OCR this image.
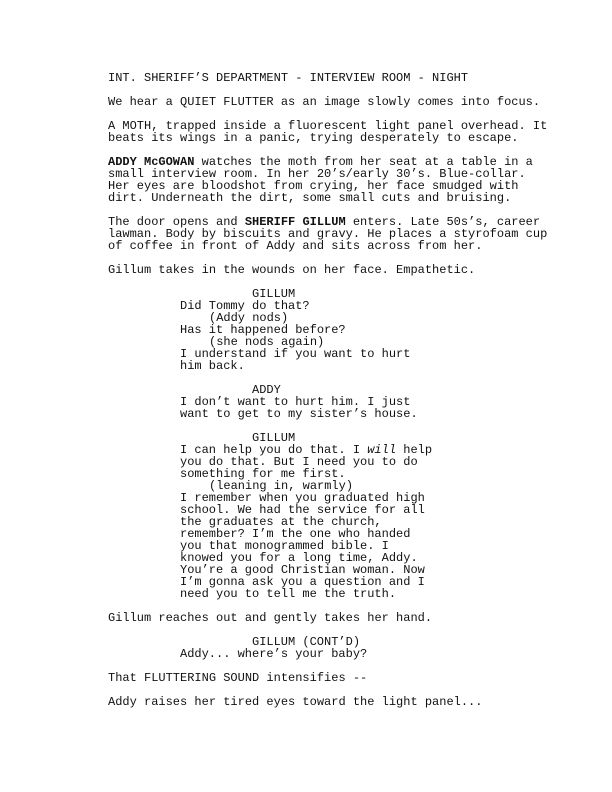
INT. SHERIFF’S DEPARTMENT - INTERVIEW ROOM - NIGHT
We hear a QUIET FLUTTER as an image slowly comes into focus.
A MOTH, trapped inside a fluorescent light panel overhead. It
beats its wings in a panic, trying desperately to escape.
ADDY McGOWAN watches the moth from her seat at a table in a
small interview room. In her 20’s/early 30’s. Blue-collar.
Her eyes are bloodshot from crying, her face smudged with
dirt. Underneath the dirt, some small cuts and bruising.
The door opens and SHERIFF GILLUM enters. Late 50s’s, career
lawman. Body by biscuits and gravy. He places a styrofoam cup
of coffee in front of Addy and sits across from her.
Gillum takes in the wounds on her face. Empathetic.
GILLUM
Did Tommy do that?
(Addy nods)
Has it happened before?
(she nods again)
I understand if you want to hurt
him back.
ADDY
I don’t want to hurt him. I just
want to get to my sister’s house.
GILLUM
I can help you do that. I will help
you do that. But I need you to do
something for me first.
(leaning in, warmly)
I remember when you graduated high
school. We had the service for all
the graduates at the church,
remember? I’m the one who handed
you that monogrammed bible. I
knowed you for a long time, Addy.
You’re a good Christian woman. Now
I’m gonna ask you a question and I
need you to tell me the truth.
Gillum reaches out and gently takes her hand.
GILLUM (CONT’D)
Addy... where’s your baby?
That FLUTTERING SOUND intensifies --
Addy raises her tired eyes toward the light panel...
